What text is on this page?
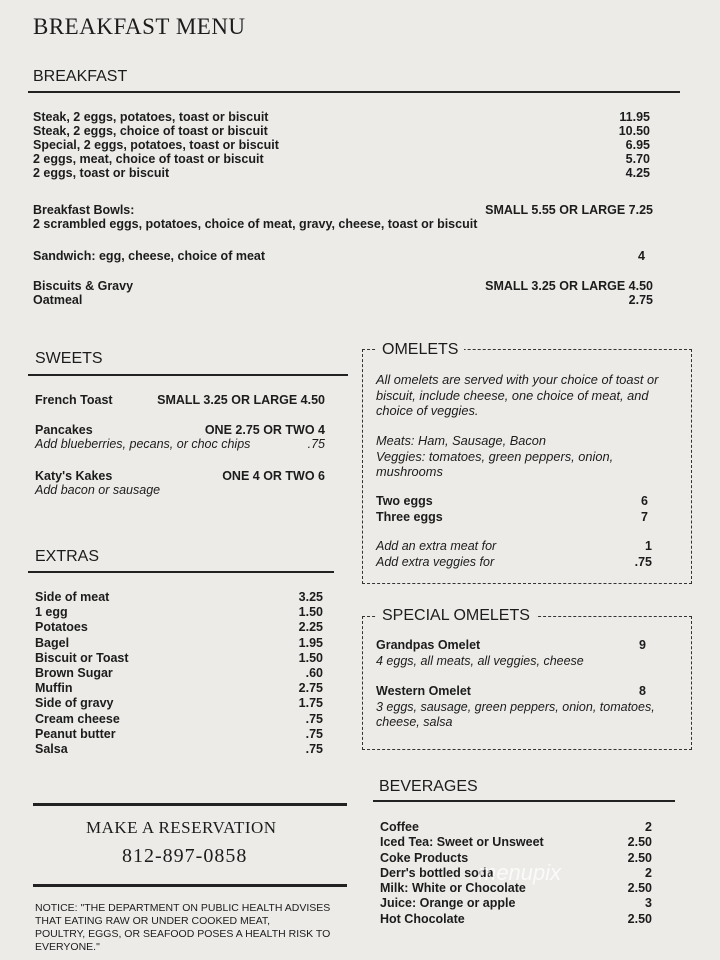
BREAKFAST MENU
BREAKFAST
Steak, 2 eggs, potatoes, toast or biscuit	11.95
Steak, 2 eggs, choice of toast or biscuit	10.50
Special, 2 eggs, potatoes, toast or biscuit	6.95
2 eggs, meat, choice of toast or biscuit	5.70
2 eggs, toast or biscuit	4.25
Breakfast Bowls:	SMALL 5.55 OR LARGE 7.25
2 scrambled eggs, potatoes, choice of meat, gravy, cheese, toast or biscuit
Sandwich: egg, cheese, choice of meat	4
Biscuits & Gravy	SMALL 3.25 OR LARGE 4.50
Oatmeal	2.75
SWEETS
French Toast	SMALL 3.25 OR LARGE 4.50
Pancakes	ONE 2.75 OR TWO 4
Add blueberries, pecans, or choc chips	.75
Katy's Kakes	ONE 4 OR TWO 6
Add bacon or sausage
EXTRAS
Side of meat	3.25
1 egg	1.50
Potatoes	2.25
Bagel	1.95
Biscuit or Toast	1.50
Brown Sugar	.60
Muffin	2.75
Side of gravy	1.75
Cream cheese	.75
Peanut butter	.75
Salsa	.75
OMELETS
All omelets are served with your choice of toast or
biscuit, include cheese, one choice of meat, and
choice of veggies.
Meats: Ham, Sausage, Bacon
Veggies: tomatoes, green peppers, onion,
mushrooms
Two eggs	6
Three eggs	7
Add an extra meat for	1
Add extra veggies for	.75
SPECIAL OMELETS
Grandpas Omelet	9
4 eggs, all meats, all veggies, cheese
Western Omelet	8
3 eggs, sausage, green peppers, onion, tomatoes,
cheese, salsa
BEVERAGES
Coffee	2
Iced Tea: Sweet or Unsweet	2.50
Coke Products	2.50
Derr's bottled soda	2
Milk: White or Chocolate	2.50
Juice: Orange or apple	3
Hot Chocolate	2.50
menupix
MAKE A RESERVATION
812-897-0858
NOTICE: "THE DEPARTMENT ON PUBLIC HEALTH ADVISES
THAT EATING RAW OR UNDER COOKED MEAT,
POULTRY, EGGS, OR SEAFOOD POSES A HEALTH RISK TO
EVERYONE."
